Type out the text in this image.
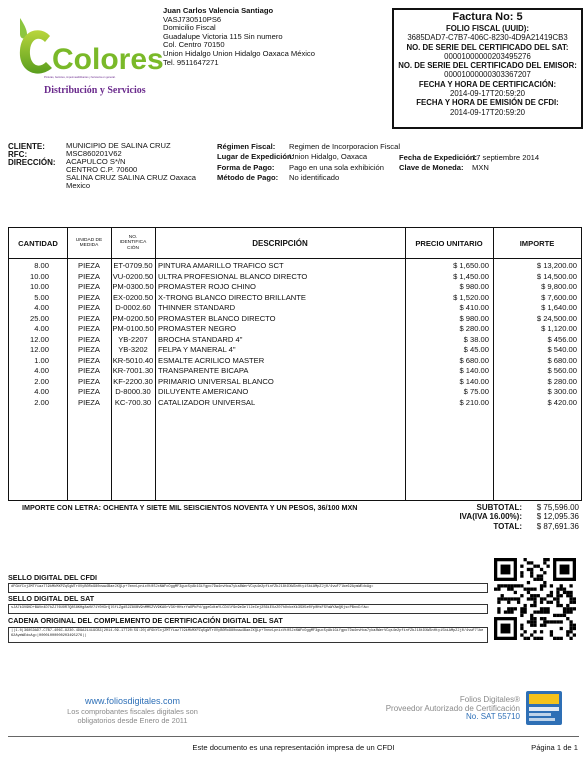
Colores
Pinturas, barnices, impermeabilizantes y ferretería en general.
Distribución y Servicios
Juan Carlos Valencia Santiago
VASJ730510PS6
Domicilio Fiscal
Guadalupe Victoria 115 Sin numero
Col. Centro 70150
Union Hidalgo Union Hidalgo Oaxaca México
Tel. 9511647271
Factura No: 5
FOLIO FISCAL (UUID):
3685DAD7-C7B7-406C-8230-4D9A21419CB3
NO. DE SERIE DEL CERTIFICADO DEL SAT:
00001000000203495276
NO. DE SERIE DEL CERTIFICADO DEL EMISOR:
00001000000303367207
FECHA Y HORA DE CERTIFICACIÓN:
2014-09-17T20:59:20
FECHA Y HORA DE EMISIÓN DE CFDI:
2014-09-17T20:59:20
CLIENTE:
RFC:
DIRECCIÓN:
MUNICIPIO DE SALINA CRUZ
MSC860201V62
ACAPULCO S*/N
CENTRO C.P. 70600
SALINA CRUZ SALINA CRUZ Oaxaca
Mexico
Régimen Fiscal:
Lugar de Expedición:
Forma de Pago:
Método de Pago:
Regimen de Incorporacion Fiscal
Union Hidalgo, Oaxaca
Pago en una sola exhibición
No identificado
Fecha de Expedición:
Clave de Moneda:
17 septiembre 2014
MXN
CANTIDAD	UNIDAD DE MEDIDA
NO. IDENTIFICA CIÓN
DESCRIPCIÓN	PRECIO UNITARIO	IMPORTE
8.00	PIEZA	ET-0709.50 PINTURA AMARILLO TRAFICO SCT	$ 1,650.00	$ 13,200.00
10.00	PIEZA	VU-0200.50 ULTRA PROFESIONAL BLANCO DIRECTO	$ 1,450.00	$ 14,500.00
10.00	PIEZA	PM-0300.50 PROMASTER ROJO CHINO	$ 980.00	$ 9,800.00
5.00	PIEZA	EX-0200.50 X-TRONG BLANCO DIRECTO BRILLANTE	$ 1,520.00	$ 7,600.00
4.00	PIEZA	D-0002.60 THINNER STANDARD	$ 410.00	$ 1,640.00
25.00	PIEZA	PM-0200.50 PROMASTER BLANCO DIRECTO	$ 980.00	$ 24,500.00
4.00	PIEZA	PM-0100.50 PROMASTER NEGRO	$ 280.00	$ 1,120.00
12.00	PIEZA	YB-2207	BROCHA STANDARD 4"	$ 38.00	$ 456.00
12.00	PIEZA	YB-3202	FELPA Y MANERAL 4"	$ 45.00	$ 540.00
1.00	PIEZA	KR-5010.40 ESMALTE ACRILICO MASTER	$ 680.00	$ 680.00
4.00	PIEZA	KR-7001.30 TRANSPARENTE BICAPA	$ 140.00	$ 560.00
2.00	PIEZA	KF-2200.30 PRIMARIO UNIVERSAL BLANCO	$ 140.00	$ 280.00
4.00	PIEZA	D-8000.30 DILUYENTE AMERICANO	$ 75.00	$ 300.00
2.00	PIEZA	KC-700.30 CATALIZADOR UNIVERSAL	$ 210.00	$ 420.00
IMPORTE CON LETRA: OCHENTA Y SIETE MIL SEISCIENTOS NOVENTA Y UN PESOS, 36/100 MXN	SUBTOTAL:
IVA(IVA 16.00%):
TOTAL:
$ 75,596.00
$ 12,095.36
$ 87,691.36
SELLO DIGITAL DEL CFDI
dFGbYCxj2MTYiaz7l9kMkMXPZq5gWTrUVyB0Ro980oww4BaeJXQLp+7mnvLpnicVt0SJxNWFcOggMF3guc5yAb1GiYgpo7Da4nvHoa7yka8WerVCqs4e2pfinfZbJ18tDXW3nHtyi5biAMpZJj0/4vwF7lbe62AymWEdoAg=
SELLO DIGITAL DEL SAT
sJA7k3V9KD+BAVn4D7kZJ76UOR7Q858KHg8aHV71Y0H3rQl5fLZgdS2Z8XBV9hMM5ZVV9KAOrV3X+HHsrYaOPbPd/ggeGdtmYLCD4lf9n9e3ellJeCej2S6iEUzZ07hOvkeXk3SX5e0Yp0HsFSYaWYAmQKjscPBnvD/Uw=
CADENA ORIGINAL DEL COMPLEMENTO DE CERTIFICACIÓN DIGITAL DEL SAT
||1.0|3685DAD7-C7B7-406C-8230-4D9A21419CB3|2014-09-17T20:59:20|dFGbYCxj2MTYiaz7l9kMkMXPZq5gWTrUVyB0Ro980oww4BaeJXQLp+7mnvLpnicVt0SJxNWFcOggMF3guc5yAb1GiYgpo7Da4nvHoa7yka8WerVCqs4e2pfinfZbJ18tDXW3nHtyi5biAMpZJj0/4vwF7lbe62AymWEdoAg=|00001000000203495276||
www.foliosdigitales.com
Los comprobantes fiscales digitales son
obligatorios desde Enero de 2011
Folios Digitales®
Proveedor Autorizado de Certificación
No. SAT 55710
Este documento es una representación impresa de un CFDI	Página 1 de 1
